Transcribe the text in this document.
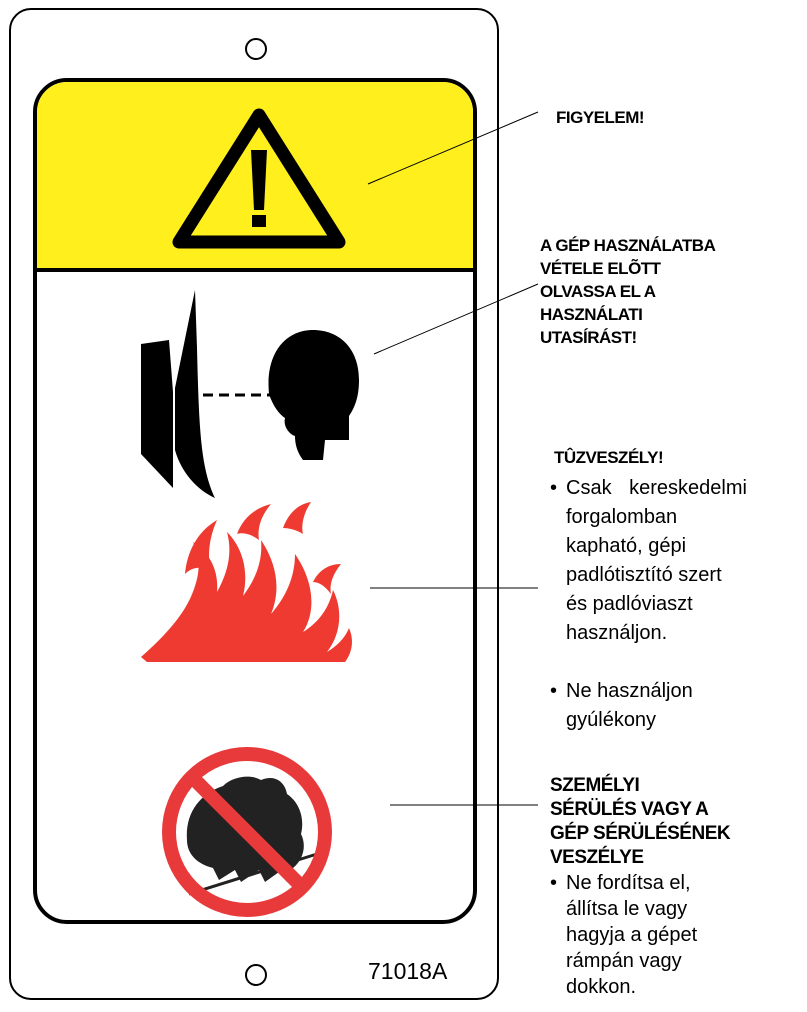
71018A
FIGYELEM!
A GÉP HASZNÁLATBA
VÉTELE ELÕTT
OLVASSA EL A
HASZNÁLATI
UTASÍRÁST!
TÛZVESZÉLY!
• Csak kereskedelmi
forgalomban
kapható, gépi
padlótisztító szert
és padlóviaszt
használjon.
• Ne használjon
gyúlékony
SZEMÉLYI
SÉRÜLÉS VAGY A
GÉP SÉRÜLÉSÉNEK
VESZÉLYE
• Ne fordítsa el,
állítsa le vagy
hagyja a gépet
rámpán vagy
dokkon.
